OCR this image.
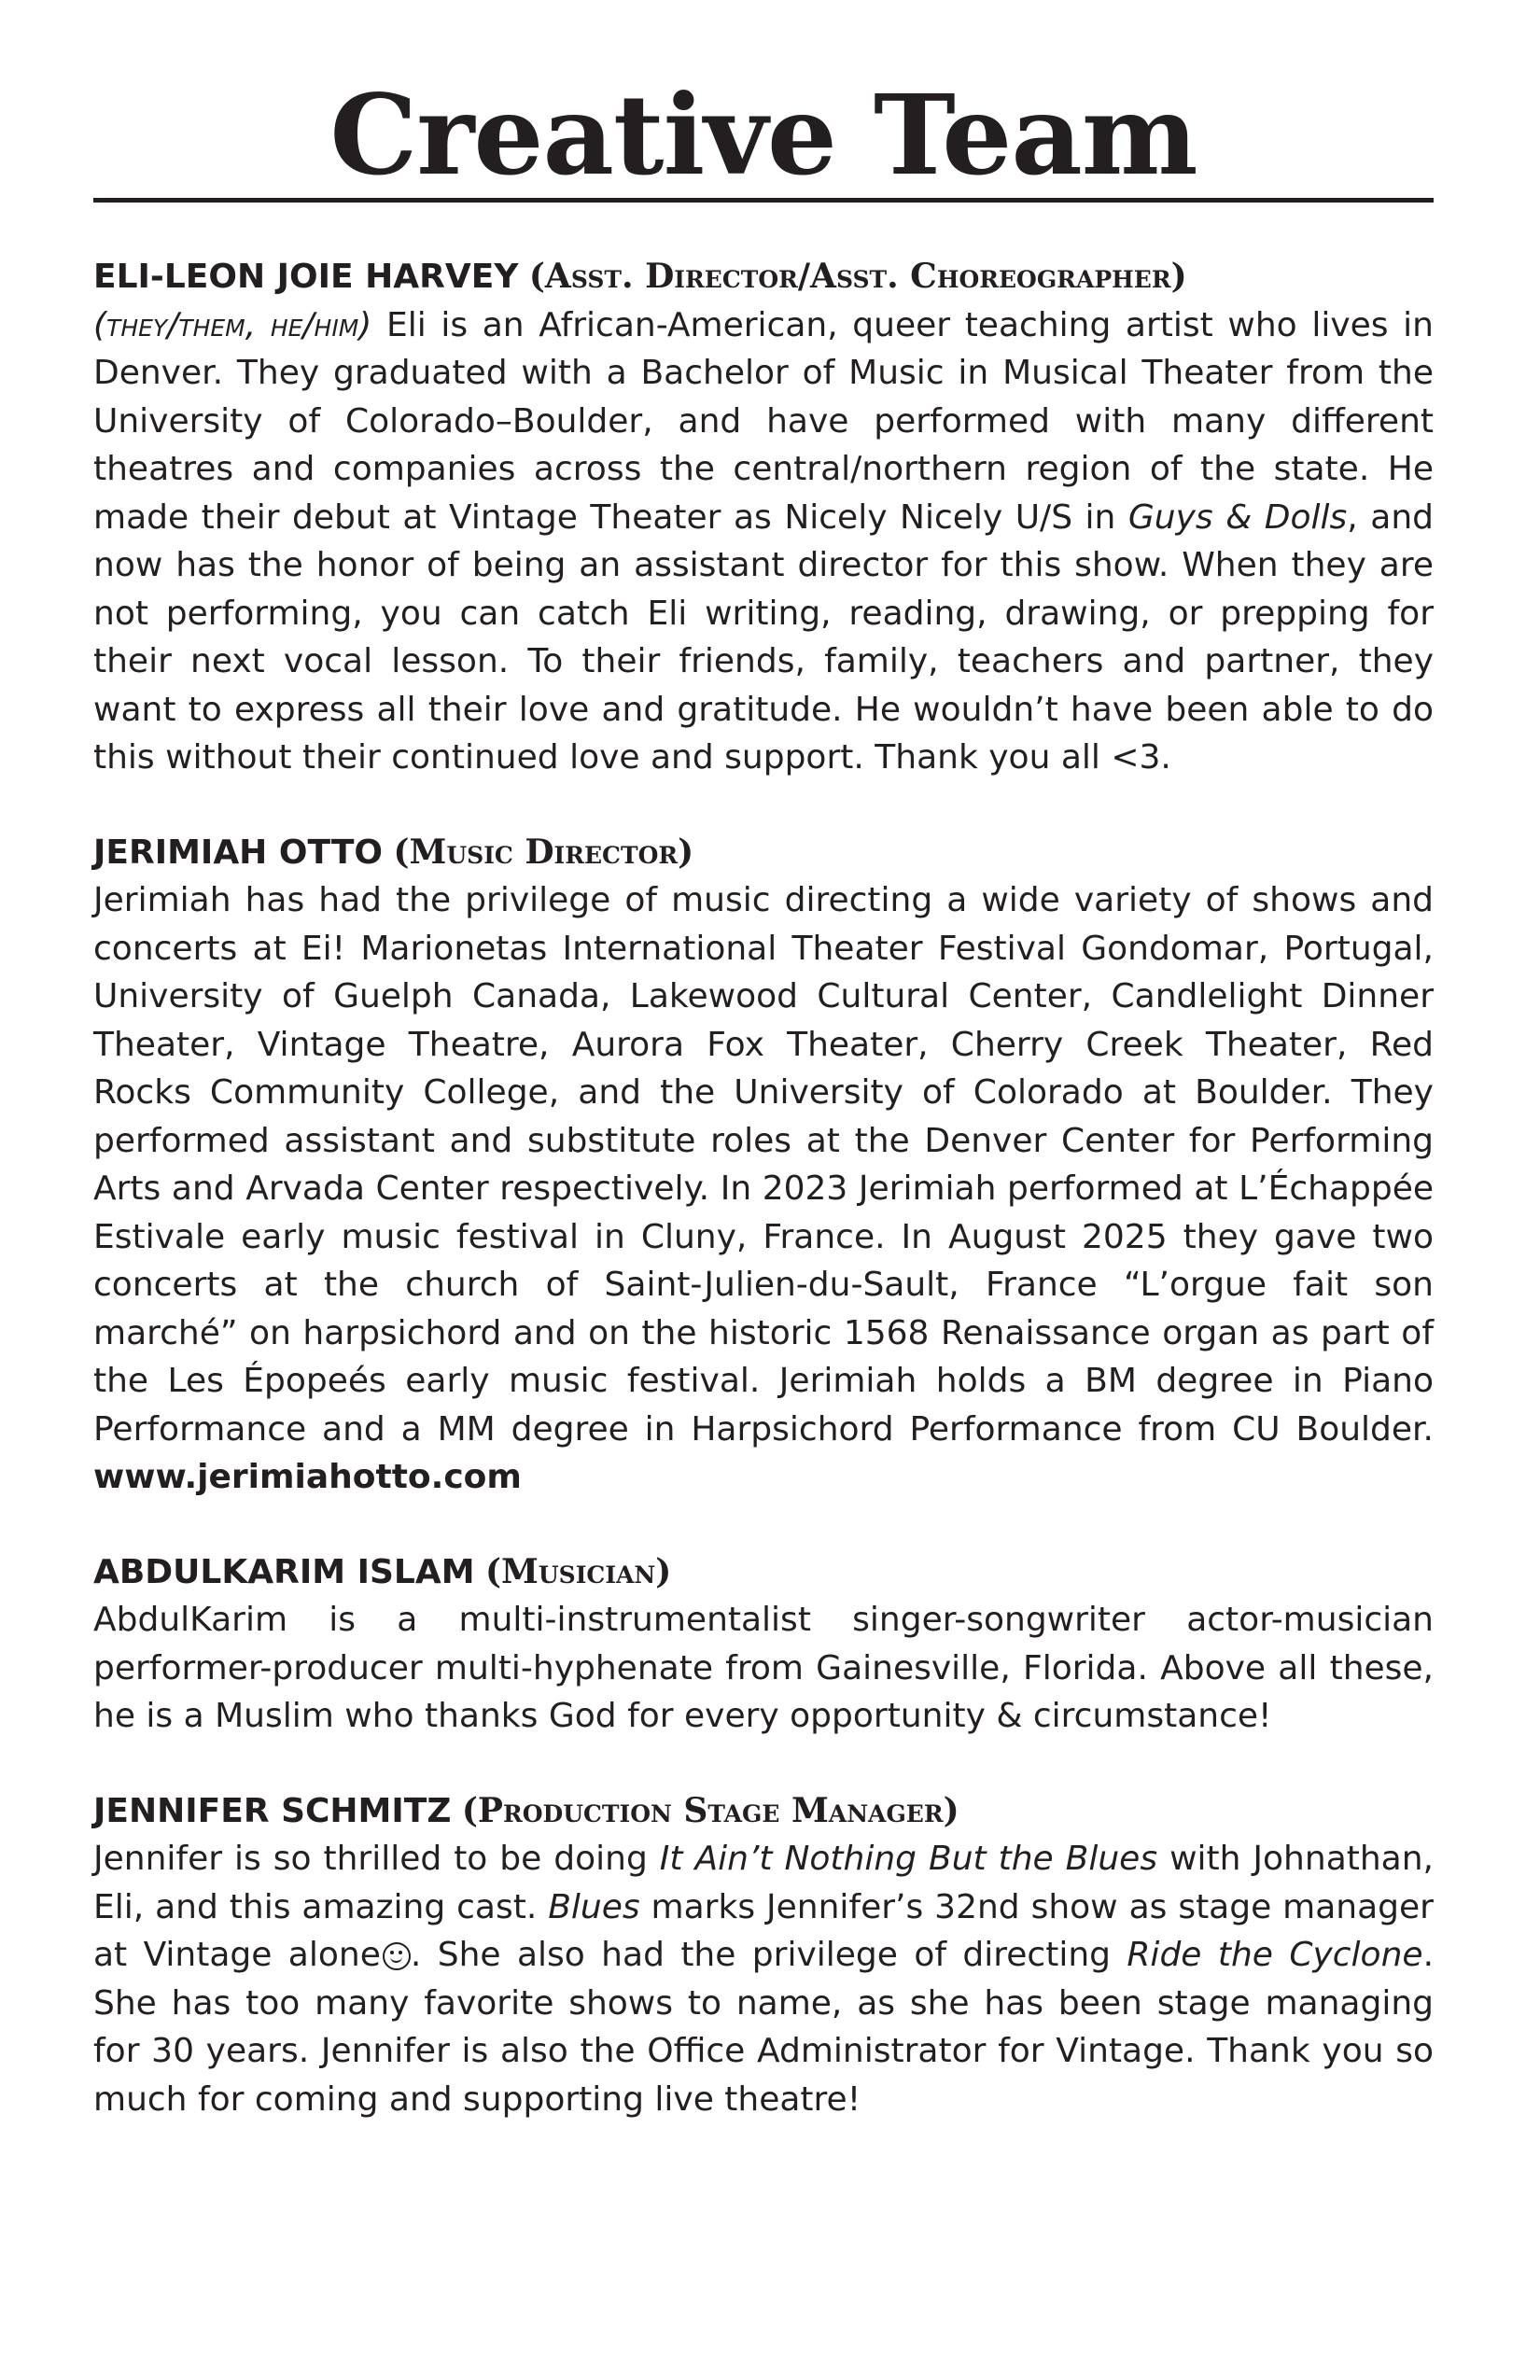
Creative Team

ELI-LEON JOIE HARVEY (Asst. Director/Asst. Choreographer)

(they/them, he/him) Eli is an African-American, queer teaching artist who lives in Denver. They graduated with a Bachelor of Music in Musical Theater from the University of Colorado–Boulder, and have performed with many different theatres and companies across the central/northern region of the state. He made their debut at Vintage Theater as Nicely Nicely U/S in Guys & Dolls, and now has the honor of being an assistant director for this show. When they are not performing, you can catch Eli writing, reading, drawing, or prepping for their next vocal lesson. To their friends, family, teachers and partner, they want to express all their love and gratitude. He wouldn’t have been able to do this without their continued love and support. Thank you all <3.

JERIMIAH OTTO (Music Director)

Jerimiah has had the privilege of music directing a wide variety of shows and concerts at Ei! Marionetas International Theater Festival Gondomar, Portugal, University of Guelph Canada, Lakewood Cultural Center, Candlelight Dinner Theater, Vintage Theatre, Aurora Fox Theater, Cherry Creek Theater, Red Rocks Community College, and the University of Colorado at Boulder. They performed assistant and substitute roles at the Denver Center for Performing Arts and Arvada Center respectively. In 2023 Jerimiah performed at L’Échappée Estivale early music festival in Cluny, France. In August 2025 they gave two concerts at the church of Saint-Julien-du-Sault, France “L’orgue fait son marché” on harpsichord and on the historic 1568 Renaissance organ as part of the Les Épopeés early music festival. Jerimiah holds a BM degree in Piano Performance and a MM degree in Harpsichord Performance from CU Boulder. www.jerimiahotto.com

ABDULKARIM ISLAM (Musician)

AbdulKarim is a multi-instrumentalist singer-songwriter actor-musician performer-producer multi-hyphenate from Gainesville, Florida. Above all these, he is a Muslim who thanks God for every opportunity & circumstance!

JENNIFER SCHMITZ (Production Stage Manager)

Jennifer is so thrilled to be doing It Ain’t Nothing But the Blues with Johnathan, Eli, and this amazing cast. Blues marks Jennifer’s 32nd show as stage manager at Vintage alone . She also had the privilege of directing Ride the Cyclone. She has too many favorite shows to name, as she has been stage managing for 30 years. Jennifer is also the Office Administrator for Vintage. Thank you so much for coming and supporting live theatre!
